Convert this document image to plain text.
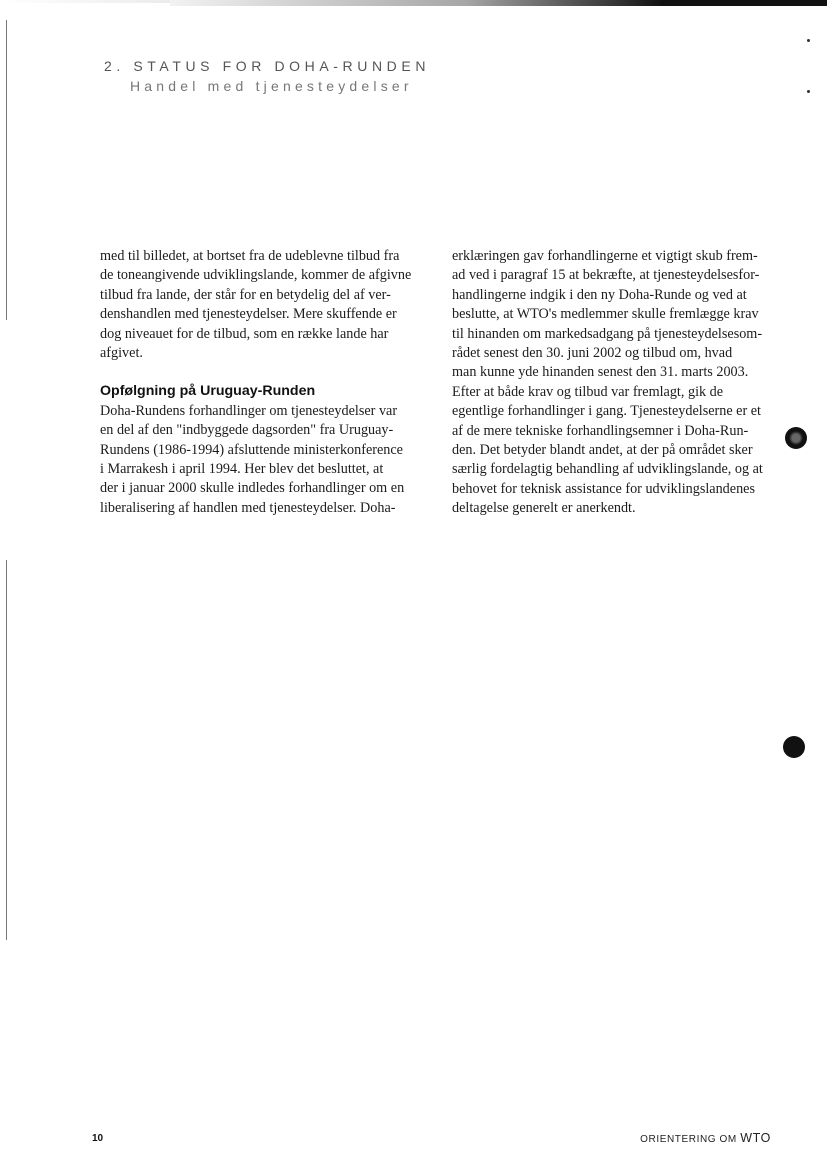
2. STATUS FOR DOHA-RUNDEN
Handel med tjenesteydelser

med til billedet, at bortset fra de udeblevne tilbud fra
de toneangivende udviklingslande, kommer de afgivne
tilbud fra lande, der står for en betydelig del af ver-
denshandlen med tjenesteydelser. Mere skuffende er
dog niveauet for de tilbud, som en række lande har
afgivet.

Opfølgning på Uruguay-Runden

Doha-Rundens forhandlinger om tjenesteydelser var
en del af den "indbyggede dagsorden" fra Uruguay-
Rundens (1986-1994) afsluttende ministerkonference
i Marrakesh i april 1994. Her blev det besluttet, at
der i januar 2000 skulle indledes forhandlinger om en
liberalisering af handlen med tjenesteydelser. Doha-

erklæringen gav forhandlingerne et vigtigt skub frem-
ad ved i paragraf 15 at bekræfte, at tjenesteydelsesfor-
handlingerne indgik i den ny Doha-Runde og ved at
beslutte, at WTO's medlemmer skulle fremlægge krav
til hinanden om markedsadgang på tjenesteydelsesom-
rådet senest den 30. juni 2002 og tilbud om, hvad
man kunne yde hinanden senest den 31. marts 2003.
Efter at både krav og tilbud var fremlagt, gik de
egentlige forhandlinger i gang. Tjenesteydelserne er et
af de mere tekniske forhandlingsemner i Doha-Run-
den. Det betyder blandt andet, at der på området sker
særlig fordelagtig behandling af udviklingslande, og at
behovet for teknisk assistance for udviklingslandenes
deltagelse generelt er anerkendt.

10	ORIENTERING OM WTO
